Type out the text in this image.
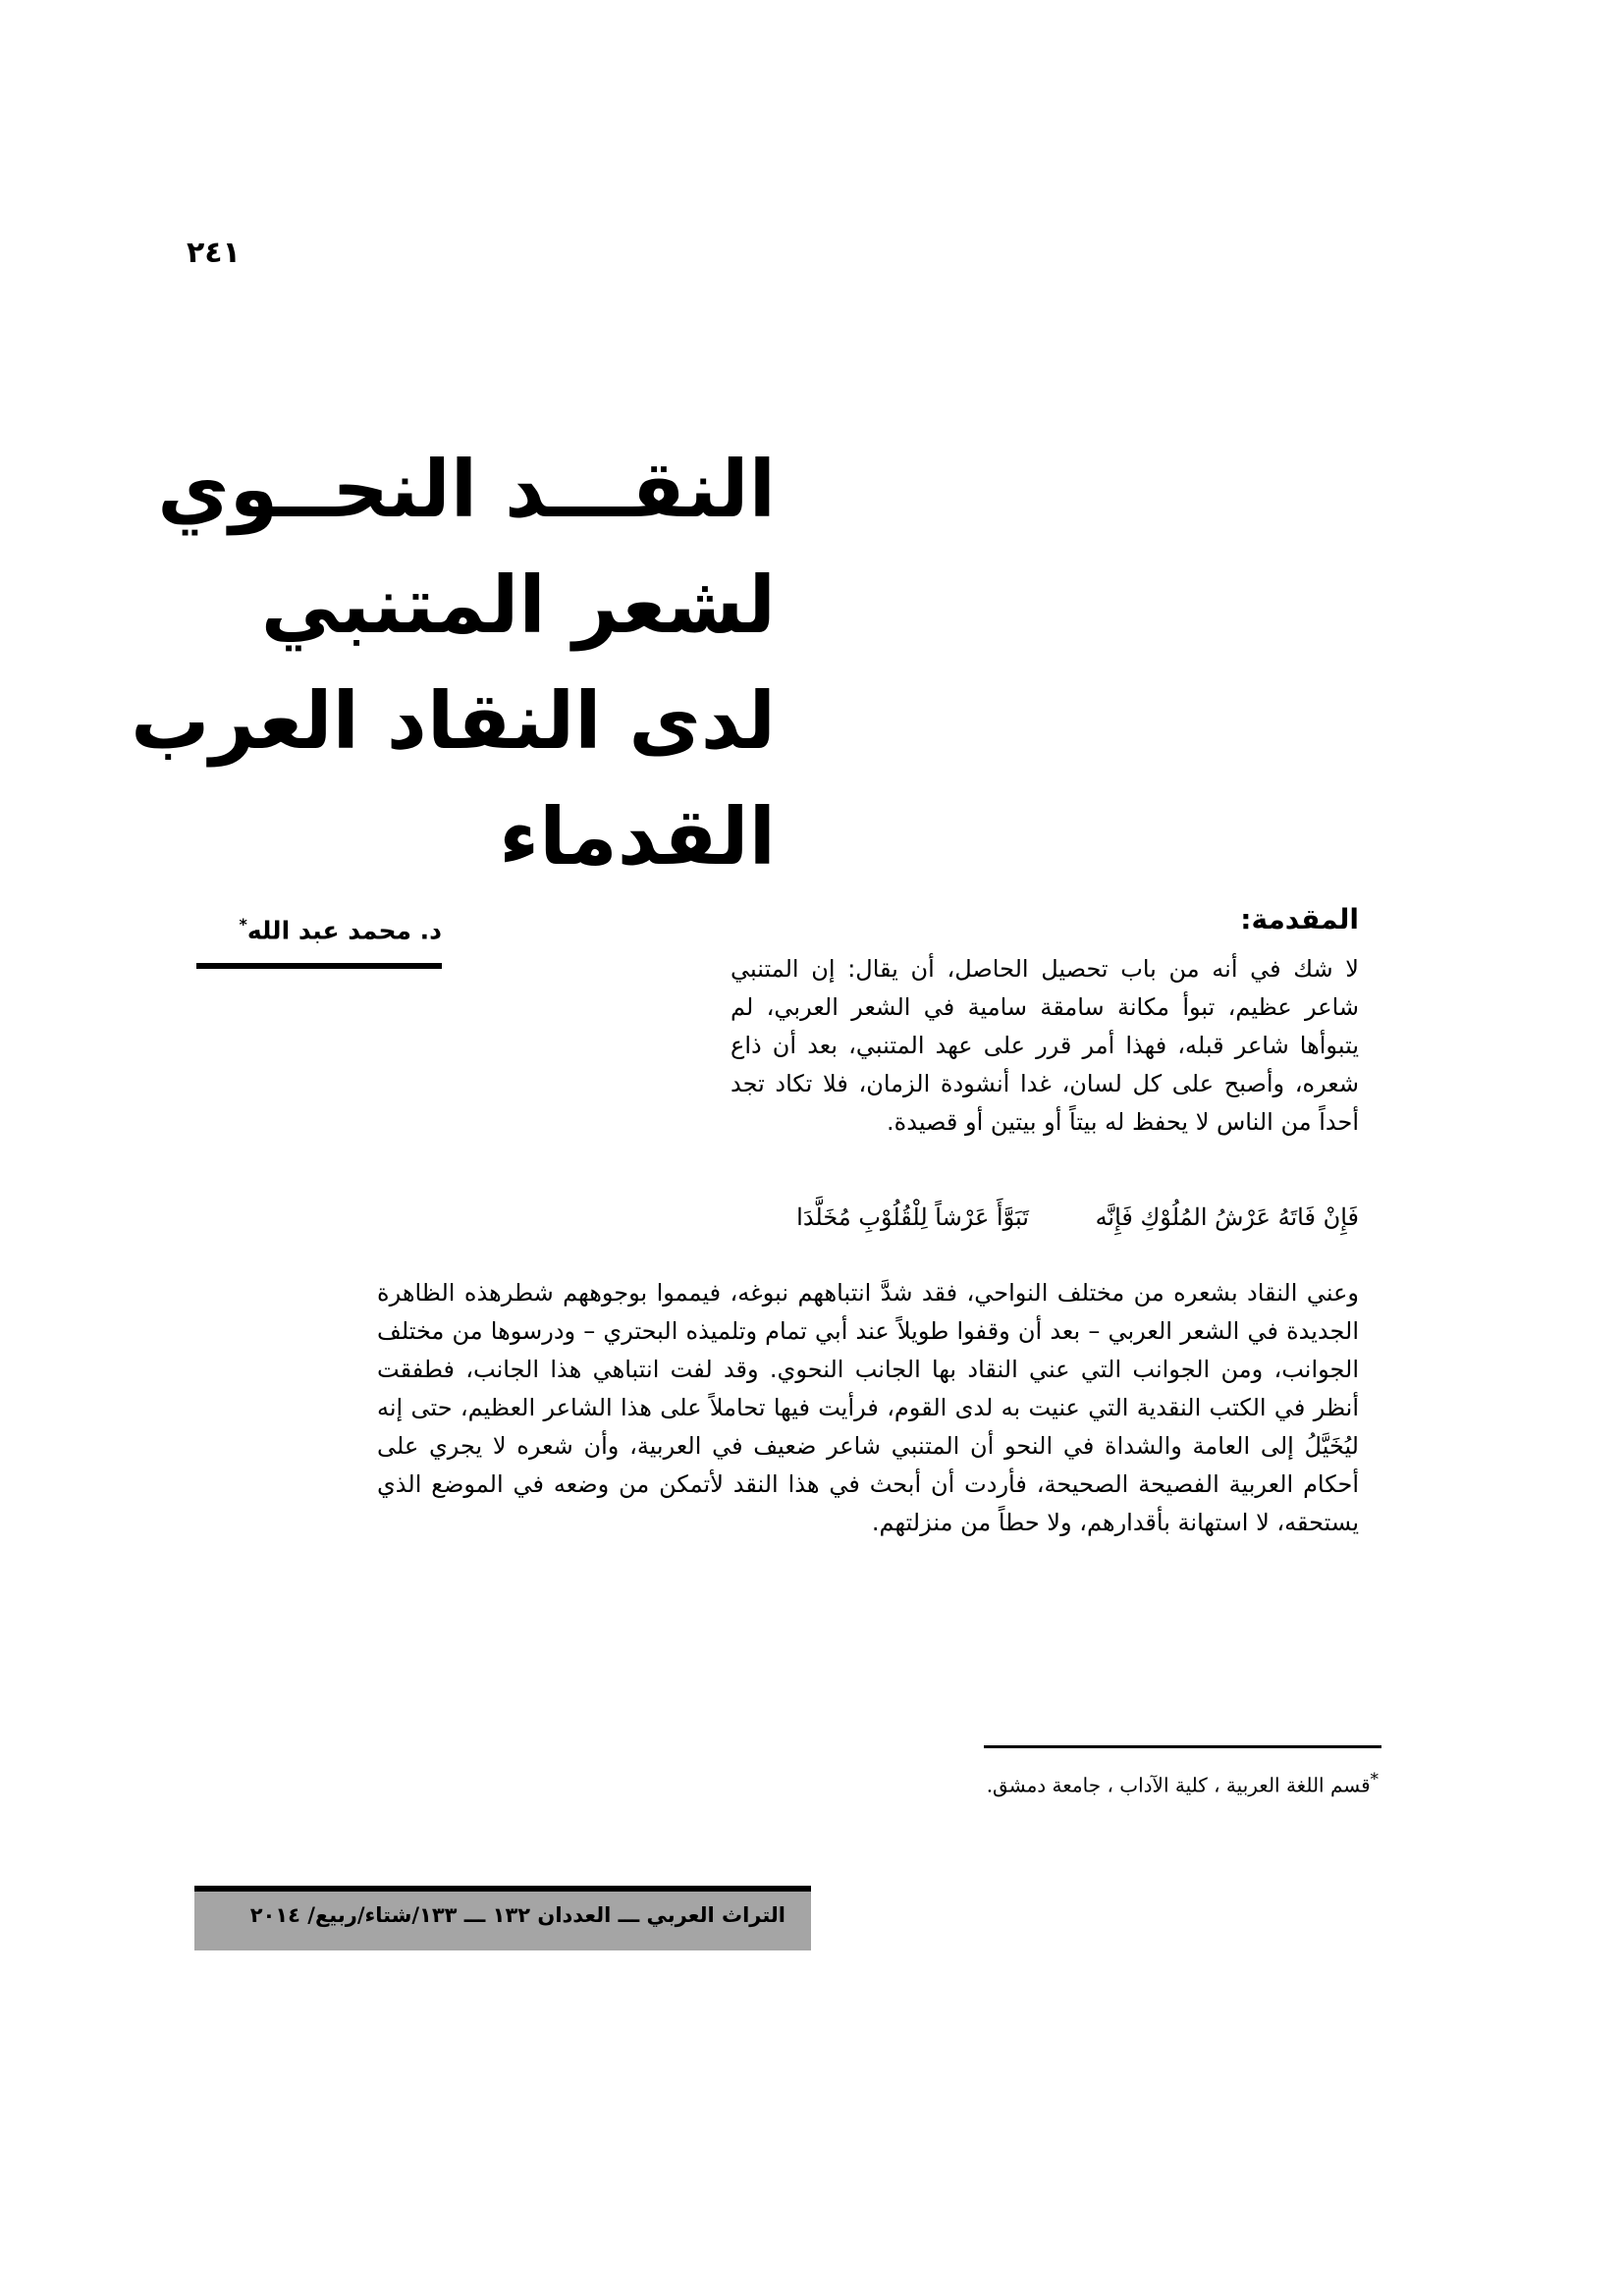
٢٤١
النقـــد النحــوي
لشعر المتنبي
لدى النقاد العرب
القدماء
د. محمد عبد الله*	المقدمة:

لا شك في أنه من باب تحصيل الحاصل، أن يقال: إن المتنبي شاعر عظيم، تبوأ مكانة سامقة سامية في الشعر العربي، لم يتبوأها شاعر قبله، فهذا أمر قرر على عهد المتنبي، بعد أن ذاع شعره، وأصبح على كل لسان، غدا أنشودة الزمان، فلا تكاد تجد أحداً من الناس لا يحفظ له بيتاً أو بيتين أو قصيدة.

فَإِنْ فَاتَهُ عَرْشُ المُلُوْكِ فَإِنَّه تَبَوَّأَ عَرْشاً لِلْقُلُوْبِ مُخَلَّدَا

وعني النقاد بشعره من مختلف النواحي، فقد شدَّ انتباههم نبوغه، فيمموا بوجوههم شطرهذه الظاهرة الجديدة في الشعر العربي – بعد أن وقفوا طويلاً عند أبي تمام وتلميذه البحتري – ودرسوها من مختلف الجوانب، ومن الجوانب التي عني النقاد بها الجانب النحوي. وقد لفت انتباهي هذا الجانب، فطفقت أنظر في الكتب النقدية التي عنيت به لدى القوم، فرأيت فيها تحاملاً على هذا الشاعر العظيم، حتى إنه ليُخَيَّلُ إلى العامة والشداة في النحو أن المتنبي شاعر ضعيف في العربية، وأن شعره لا يجري على أحكام العربية الفصيحة الصحيحة، فأردت أن أبحث في هذا النقد لأتمكن من وضعه في الموضع الذي يستحقه، لا استهانة بأقدارهم، ولا حطاً من منزلتهم.

*قسم اللغة العربية ، كلية الآداب ، جامعة دمشق.
التراث العربي ـــ العددان ١٣٢ ـــ ١٣٣/شتاء/ربيع/ ٢٠١٤
